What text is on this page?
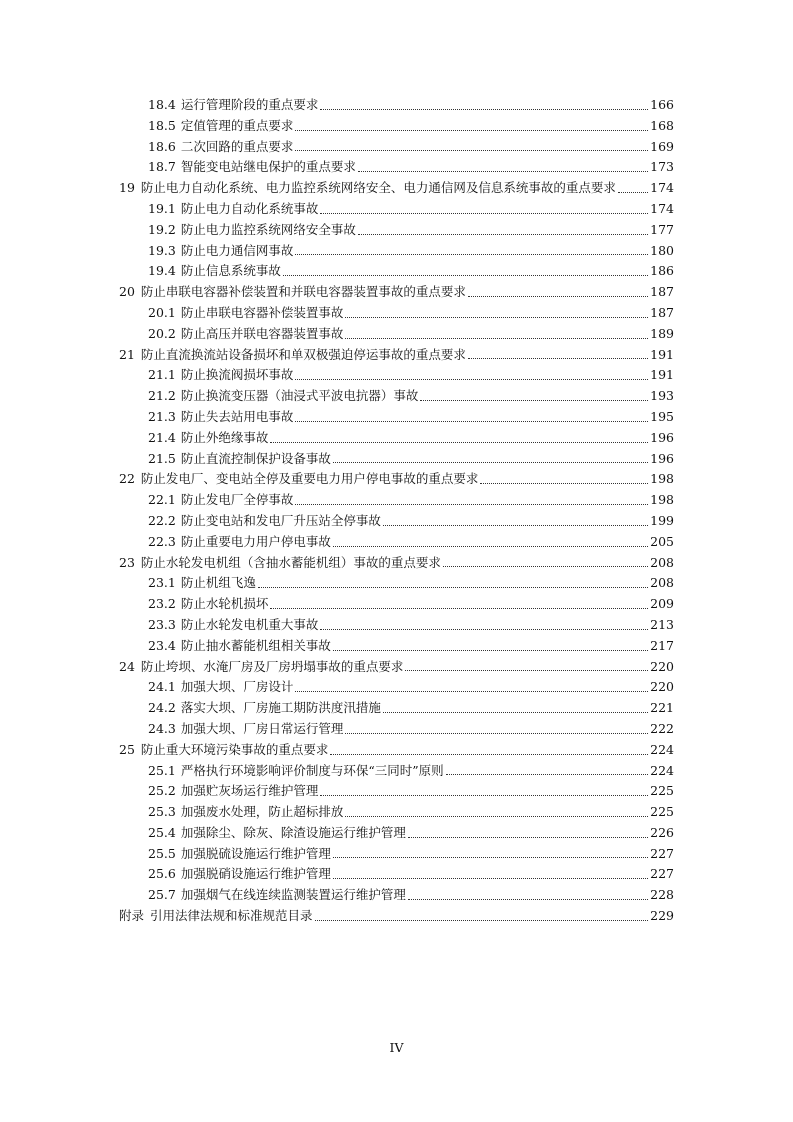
18.4 运行管理阶段的重点要求	166
18.5 定值管理的重点要求	168
18.6 二次回路的重点要求	169
18.7 智能变电站继电保护的重点要求	173
19 防止电力自动化系统、电力监控系统网络安全、电力通信网及信息系统事故的重点要求	174
19.1 防止电力自动化系统事故	174
19.2 防止电力监控系统网络安全事故	177
19.3 防止电力通信网事故	180
19.4 防止信息系统事故	186
20 防止串联电容器补偿装置和并联电容器装置事故的重点要求	187
20.1 防止串联电容器补偿装置事故	187
20.2 防止高压并联电容器装置事故	189
21 防止直流换流站设备损坏和单双极强迫停运事故的重点要求	191
21.1 防止换流阀损坏事故	191
21.2 防止换流变压器（油浸式平波电抗器）事故	193
21.3 防止失去站用电事故	195
21.4 防止外绝缘事故	196
21.5 防止直流控制保护设备事故	196
22 防止发电厂、变电站全停及重要电力用户停电事故的重点要求	198
22.1 防止发电厂全停事故	198
22.2 防止变电站和发电厂升压站全停事故	199
22.3 防止重要电力用户停电事故	205
23 防止水轮发电机组（含抽水蓄能机组）事故的重点要求	208
23.1 防止机组飞逸	208
23.2 防止水轮机损坏	209
23.3 防止水轮发电机重大事故	213
23.4 防止抽水蓄能机组相关事故	217
24 防止垮坝、水淹厂房及厂房坍塌事故的重点要求	220
24.1 加强大坝、厂房设计	220
24.2 落实大坝、厂房施工期防洪度汛措施	221
24.3 加强大坝、厂房日常运行管理	222
25 防止重大环境污染事故的重点要求	224
25.1 严格执行环境影响评价制度与环保“三同时”原则	224
25.2 加强贮灰场运行维护管理	225
25.3 加强废水处理，防止超标排放	225
25.4 加强除尘、除灰、除渣设施运行维护管理	226
25.5 加强脱硫设施运行维护管理	227
25.6 加强脱硝设施运行维护管理	227
25.7 加强烟气在线连续监测装置运行维护管理	228
附录 引用法律法规和标准规范目录	229
IV
